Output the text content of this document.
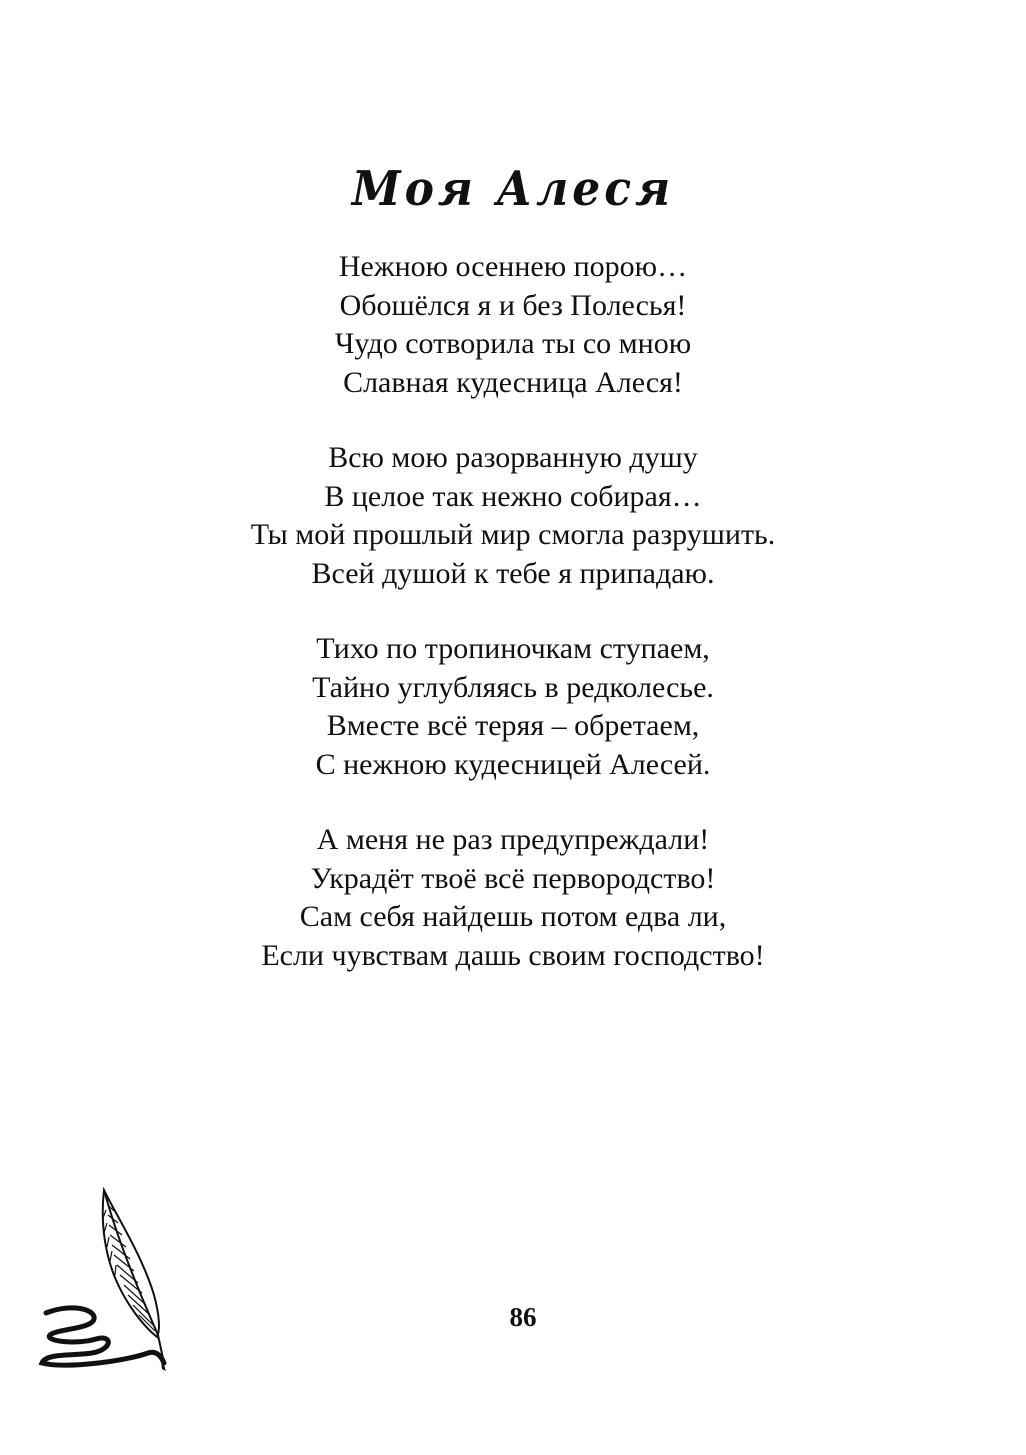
Моя Алеся
Нежною осеннею порою…
Обошёлся я и без Полесья!
Чудо сотворила ты со мною
Славная кудесница Алеся!
Всю мою разорванную душу
В целое так нежно собирая…
Ты мой прошлый мир смогла разрушить.
Всей душой к тебе я припадаю.
Тихо по тропиночкам ступаем,
Тайно углубляясь в редколесье.
Вместе всё теряя – обретаем,
С нежною кудесницей Алесей.
А меня не раз предупреждали!
Украдёт твоё всё первородство!
Сам себя найдешь потом едва ли,
Если чувствам дашь своим господство!
86
